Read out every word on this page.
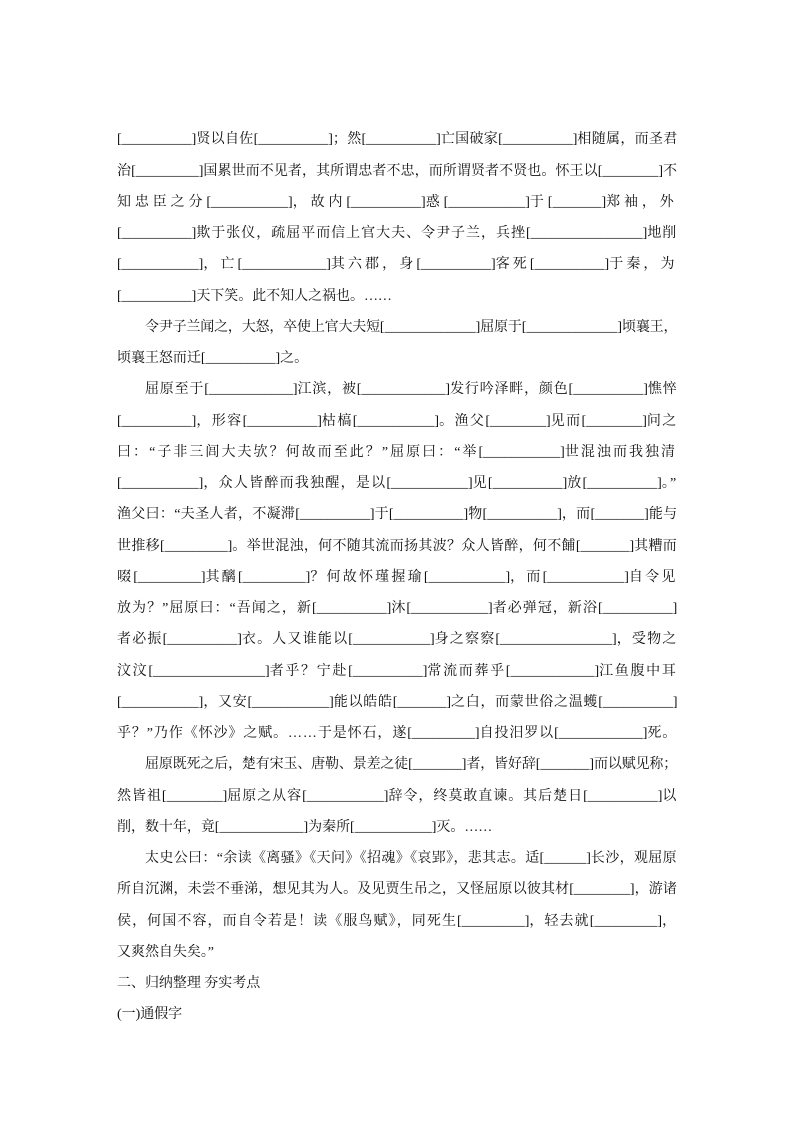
[__________]贤以自佐[__________]；然[__________]亡国破家[__________]相随属，而圣君
治[_________]国累世而不见者，其所谓忠者不忠，而所谓贤者不贤也。怀王以[________]不
知忠臣之分[___________]，故内[__________]惑[___________]于[_______]郑袖，外
[__________]欺于张仪，疏屈平而信上官大夫、令尹子兰，兵挫[________________]地削
[___________]，亡[____________]其六郡，身[__________]客死[__________]于秦，为
[__________]天下笑。此不知人之祸也。……
令尹子兰闻之，大怒，卒使上官大夫短[_____________]屈原于[_____________]顷襄王，
顷襄王怒而迁[__________]之。
屈原至于[____________]江滨，被[____________]发行吟泽畔，颜色[__________]憔悴
[__________]，形容[__________]枯槁[___________]。渔父[________]见而[________]问之
曰：“子非三闾大夫欤？何故而至此？”屈原曰：“举[___________]世混浊而我独清
[___________]，众人皆醉而我独醒，是以[___________]见[__________]放[__________]。”
渔父曰：“夫圣人者，不凝滞[__________]于[__________]物[__________]，而[_______]能与
世推移[_________]。举世混浊，何不随其流而扬其波？众人皆醉，何不餔[_______]其糟而
啜[_________]其醨[_________]？何故怀瑾握瑜[___________]，而[___________]自令见
放为？”屈原曰：“吾闻之，新[__________]沐[___________]者必弹冠，新浴[__________]
者必振[__________]衣。人又谁能以[___________]身之察察[________________]，受物之
汶汶[________________]者乎？宁赴[__________]常流而葬乎[____________]江鱼腹中耳
[___________]，又安[___________]能以皓皓[_______]之白，而蒙世俗之温蠖[__________]
乎？”乃作《怀沙》之赋。……于是怀石，遂[_________]自投汨罗以[____________]死。
屈原既死之后，楚有宋玉、唐勒、景差之徒[_______]者，皆好辞[_______]而以赋见称；
然皆祖[________]屈原之从容[___________]辞令，终莫敢直谏。其后楚日[__________]以
削，数十年，竟[____________]为秦所[___________]灭。……
太史公曰：“余读《离骚》《天问》《招魂》《哀郢》，悲其志。适[______]长沙，观屈原
所自沉渊，未尝不垂涕，想见其为人。及见贾生吊之，又怪屈原以彼其材[________]，游诸
侯，何国不容，而自令若是！读《服鸟赋》，同死生[_________]，轻去就[_________]，
又爽然自失矣。”
二、归纳整理 夯实考点
(一)通假字
